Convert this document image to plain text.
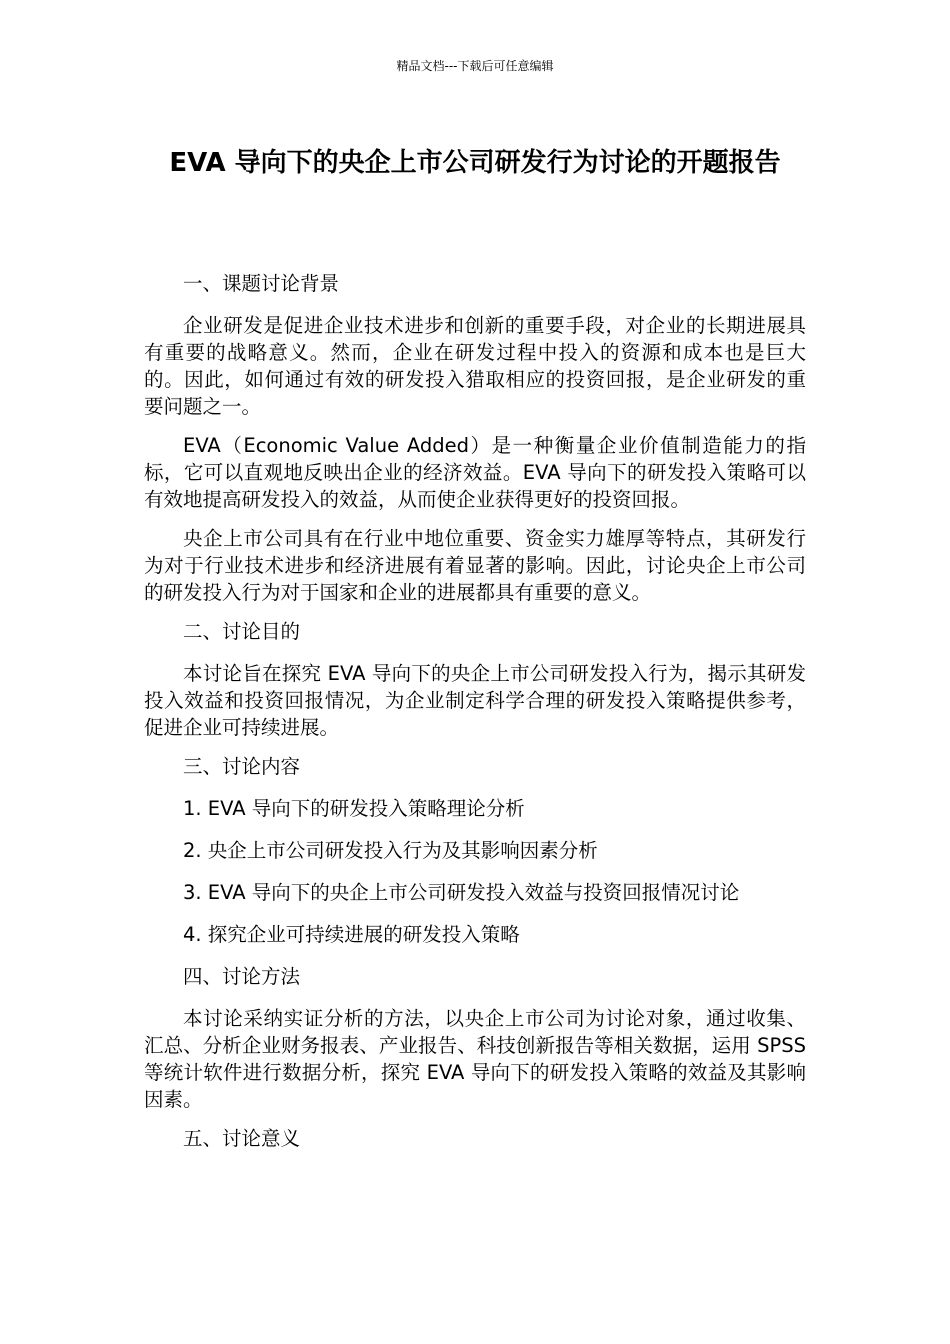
精品文档---下载后可任意编辑
EVA 导向下的央企上市公司研发行为讨论的开题报告

一、课题讨论背景

企业研发是促进企业技术进步和创新的重要手段，对企业的长期进展具有重要的战略意义。然而，企业在研发过程中投入的资源和成本也是巨大的。因此，如何通过有效的研发投入猎取相应的投资回报，是企业研发的重要问题之一。

EVA（Economic Value Added）是一种衡量企业价值制造能力的指标，它可以直观地反映出企业的经济效益。EVA 导向下的研发投入策略可以有效地提高研发投入的效益，从而使企业获得更好的投资回报。

央企上市公司具有在行业中地位重要、资金实力雄厚等特点，其研发行为对于行业技术进步和经济进展有着显著的影响。因此，讨论央企上市公司的研发投入行为对于国家和企业的进展都具有重要的意义。

二、讨论目的

本讨论旨在探究 EVA 导向下的央企上市公司研发投入行为，揭示其研发投入效益和投资回报情况，为企业制定科学合理的研发投入策略提供参考，促进企业可持续进展。

三、讨论内容

1. EVA 导向下的研发投入策略理论分析

2. 央企上市公司研发投入行为及其影响因素分析

3. EVA 导向下的央企上市公司研发投入效益与投资回报情况讨论

4. 探究企业可持续进展的研发投入策略

四、讨论方法

本讨论采纳实证分析的方法，以央企上市公司为讨论对象，通过收集、汇总、分析企业财务报表、产业报告、科技创新报告等相关数据，运用 SPSS 等统计软件进行数据分析，探究 EVA 导向下的研发投入策略的效益及其影响因素。

五、讨论意义
